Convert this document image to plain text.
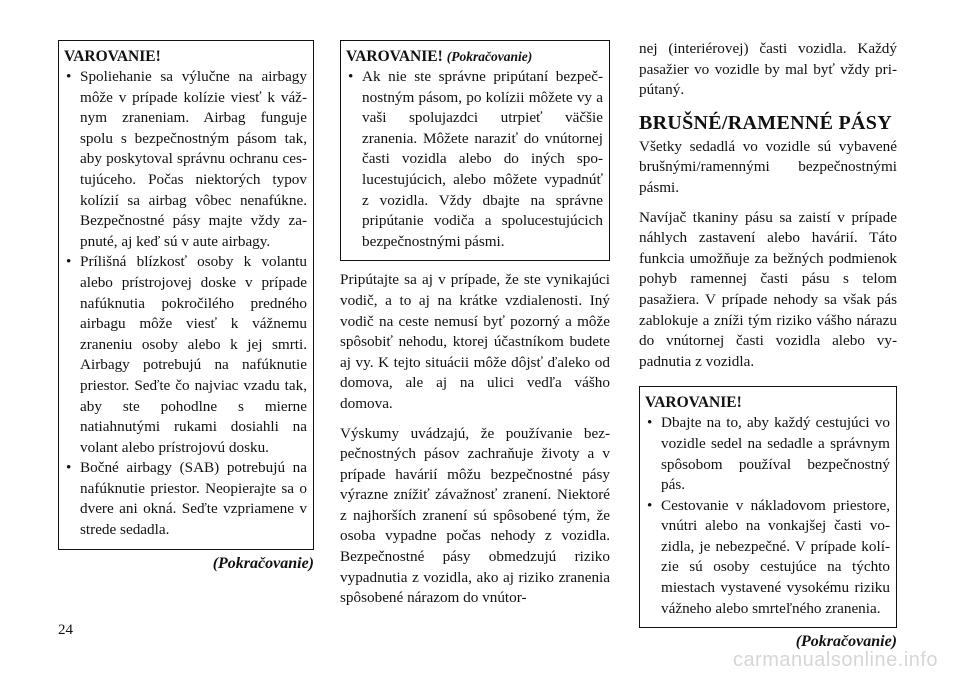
VAROVANIE!
• Spoliehanie sa výlučne na airbagy môže v prípade kolízie viesť k vážnym zraneniam. Airbag funguje spolu s bezpečnostným pásom tak, aby poskytoval správnu ochranu cestujúceho. Počas niektorých typov kolízií sa airbag vôbec nenafúkne. Bezpečnostné pásy majte vždy zapnuté, aj keď sú v aute airbagy.
• Prílišná blízkosť osoby k volantu alebo prístrojovej doske v prípade nafúknutia pokročilého predného airbagu môže viesť k vážnemu zraneniu osoby alebo k jej smrti. Airbagy potrebujú na nafúknutie priestor. Seďte čo najviac vzadu tak, aby ste pohodlne s mierne natiahnutými rukami dosiahli na volant alebo prístrojovú dosku.
• Bočné airbagy (SAB) potrebujú na nafúknutie priestor. Neopierajte sa o dvere ani okná. Seďte vzpriamene v strede sedadla.
(Pokračovanie)
VAROVANIE! (Pokračovanie)
• Ak nie ste správne pripútaní bezpečnostným pásom, po kolízii môžete vy a vaši spolujazdci utrpieť väčšie zranenia. Môžete naraziť do vnútornej časti vozidla alebo do iných spolucestujúcich, alebo môžete vypadnúť z vozidla. Vždy dbajte na správne pripútanie vodiča a spolucestujúcich bezpečnostnými pásmi.

Pripútajte sa aj v prípade, že ste vynikajúci vodič, a to aj na krátke vzdialenosti. Iný vodič na ceste nemusí byť pozorný a môže spôsobiť nehodu, ktorej účastníkom budete aj vy. K tejto situácii môže dôjsť ďaleko od domova, ale aj na ulici vedľa vášho domova.

Výskumy uvádzajú, že používanie bezpečnostných pásov zachraňuje životy a v prípade havárií môžu bezpečnostné pásy výrazne znížiť závažnosť zranení. Niektoré z najhorších zranení sú spôsobené tým, že osoba vypadne počas nehody z vozidla. Bezpečnostné pásy obmedzujú riziko vypadnutia z vozidla, ako aj riziko zranenia spôsobené nárazom do vnútor-

nej (interiérovej) časti vozidla. Každý pasažier vo vozidle by mal byť vždy pripútaný.

BRUŠNÉ/RAMENNÉ PÁSY

Všetky sedadlá vo vozidle sú vybavené brušnými/ramennými bezpečnostnými pásmi.

Navíjač tkaniny pásu sa zaistí v prípade náhlych zastavení alebo havárií. Táto funkcia umožňuje za bežných podmienok pohyb ramennej časti pásu s telom pasažiera. V prípade nehody sa však pás zablokuje a zníži tým riziko vášho nárazu do vnútornej časti vozidla alebo vypadnutia z vozidla.

VAROVANIE!
• Dbajte na to, aby každý cestujúci vo vozidle sedel na sedadle a správnym spôsobom používal bezpečnostný pás.
• Cestovanie v nákladovom priestore, vnútri alebo na vonkajšej časti vozidla, je nebezpečné. V prípade kolízie sú osoby cestujúce na týchto miestach vystavené vysokému riziku vážneho alebo smrteľného zranenia.
(Pokračovanie)
24
carmanualsonline.info
